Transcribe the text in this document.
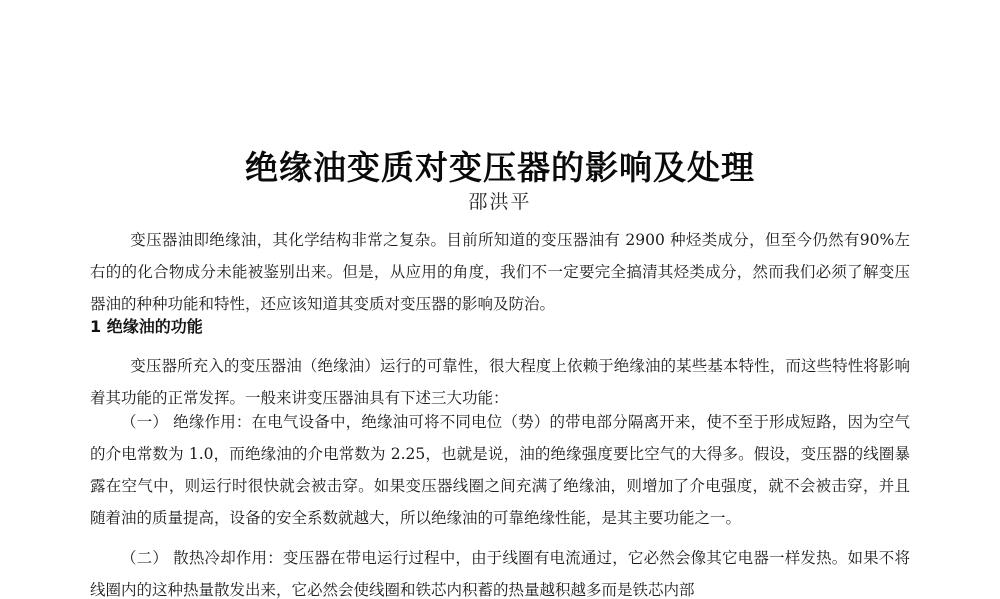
绝缘油变质对变压器的影响及处理
邵洪平
变压器油即绝缘油，其化学结构非常之复杂。目前所知道的变压器油有 2900 种烃类成分，但至今仍然有90%左右的的化合物成分未能被鉴别出来。但是，从应用的角度，我们不一定要完全搞清其烃类成分，然而我们必须了解变压器油的种种功能和特性，还应该知道其变质对变压器的影响及防治。
1 绝缘油的功能
变压器所充入的变压器油（绝缘油）运行的可靠性，很大程度上依赖于绝缘油的某些基本特性，而这些特性将影响着其功能的正常发挥。一般来讲变压器油具有下述三大功能：
（一） 绝缘作用：在电气设备中，绝缘油可将不同电位（势）的带电部分隔离开来，使不至于形成短路，因为空气的介电常数为 1.0，而绝缘油的介电常数为 2.25，也就是说，油的绝缘强度要比空气的大得多。假设，变压器的线圈暴露在空气中，则运行时很快就会被击穿。如果变压器线圈之间充满了绝缘油，则增加了介电强度，就不会被击穿，并且随着油的质量提高，设备的安全系数就越大，所以绝缘油的可靠绝缘性能，是其主要功能之一。
（二） 散热冷却作用：变压器在带电运行过程中，由于线圈有电流通过，它必然会像其它电器一样发热。如果不将线圈内的这种热量散发出来，它必然会使线圈和铁芯内积蓄的热量越积越多而是铁芯内部
